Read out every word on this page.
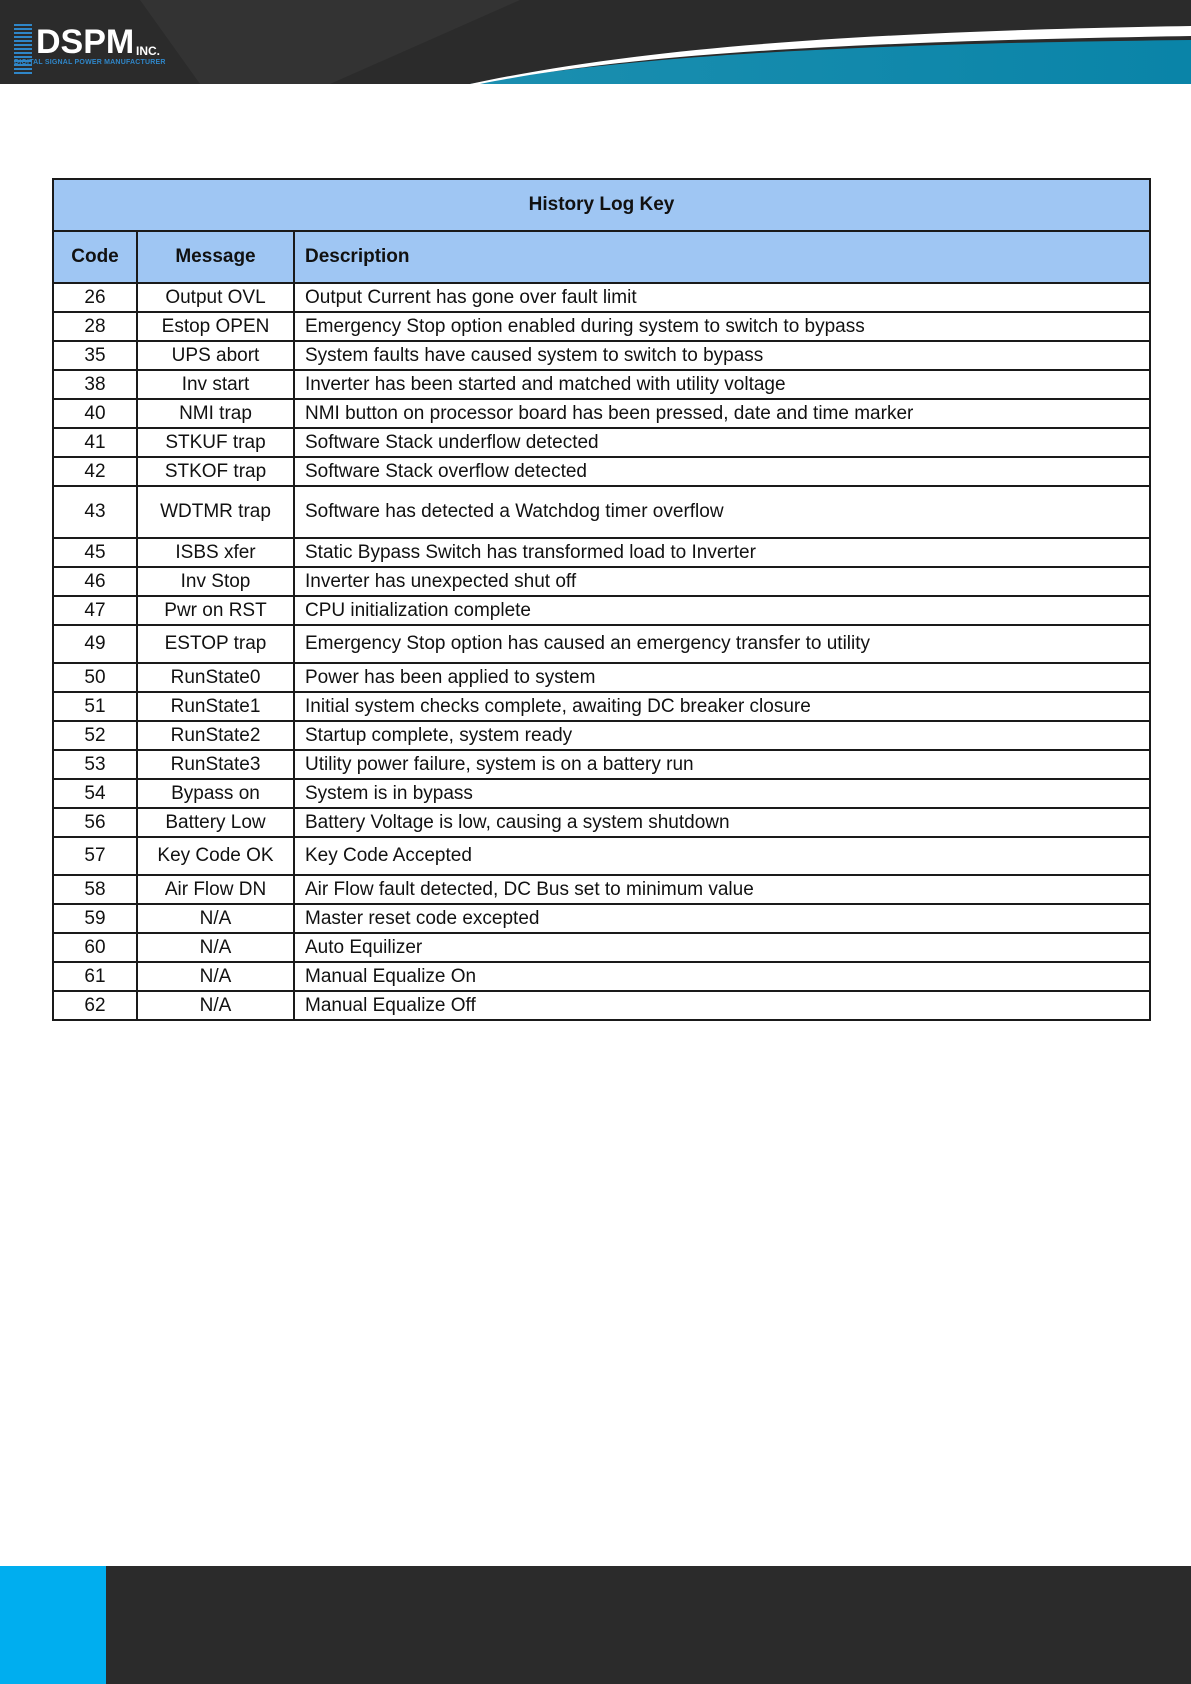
DSPM INC.
DIGITAL SIGNAL POWER MANUFACTURER
History Log Key		
Code	Message	Description
26	Output OVL	Output Current has gone over fault limit
28	Estop OPEN	Emergency Stop option enabled during system to switch to bypass
35	UPS abort	System faults have caused system to switch to bypass
38	Inv start	Inverter has been started and matched with utility voltage
40	NMI trap	NMI button on processor board has been pressed, date and time marker
41	STKUF trap	Software Stack underflow detected
42	STKOF trap	Software Stack overflow detected
43	WDTMR trap	Software has detected a Watchdog timer overflow
45	ISBS xfer	Static Bypass Switch has transformed load to Inverter
46	Inv Stop	Inverter has unexpected shut off
47	Pwr on RST	CPU initialization complete
49	ESTOP trap	Emergency Stop option has caused an emergency transfer to utility
50	RunState0	Power has been applied to system
51	RunState1	Initial system checks complete, awaiting DC breaker closure
52	RunState2	Startup complete, system ready
53	RunState3	Utility power failure, system is on a battery run
54	Bypass on	System is in bypass
56	Battery Low	Battery Voltage is low, causing a system shutdown
57	Key Code OK	Key Code Accepted
58	Air Flow DN	Air Flow fault detected, DC Bus set to minimum value
59	N/A	Master reset code excepted
60	N/A	Auto Equilizer
61	N/A	Manual Equalize On
62	N/A	Manual Equalize Off
